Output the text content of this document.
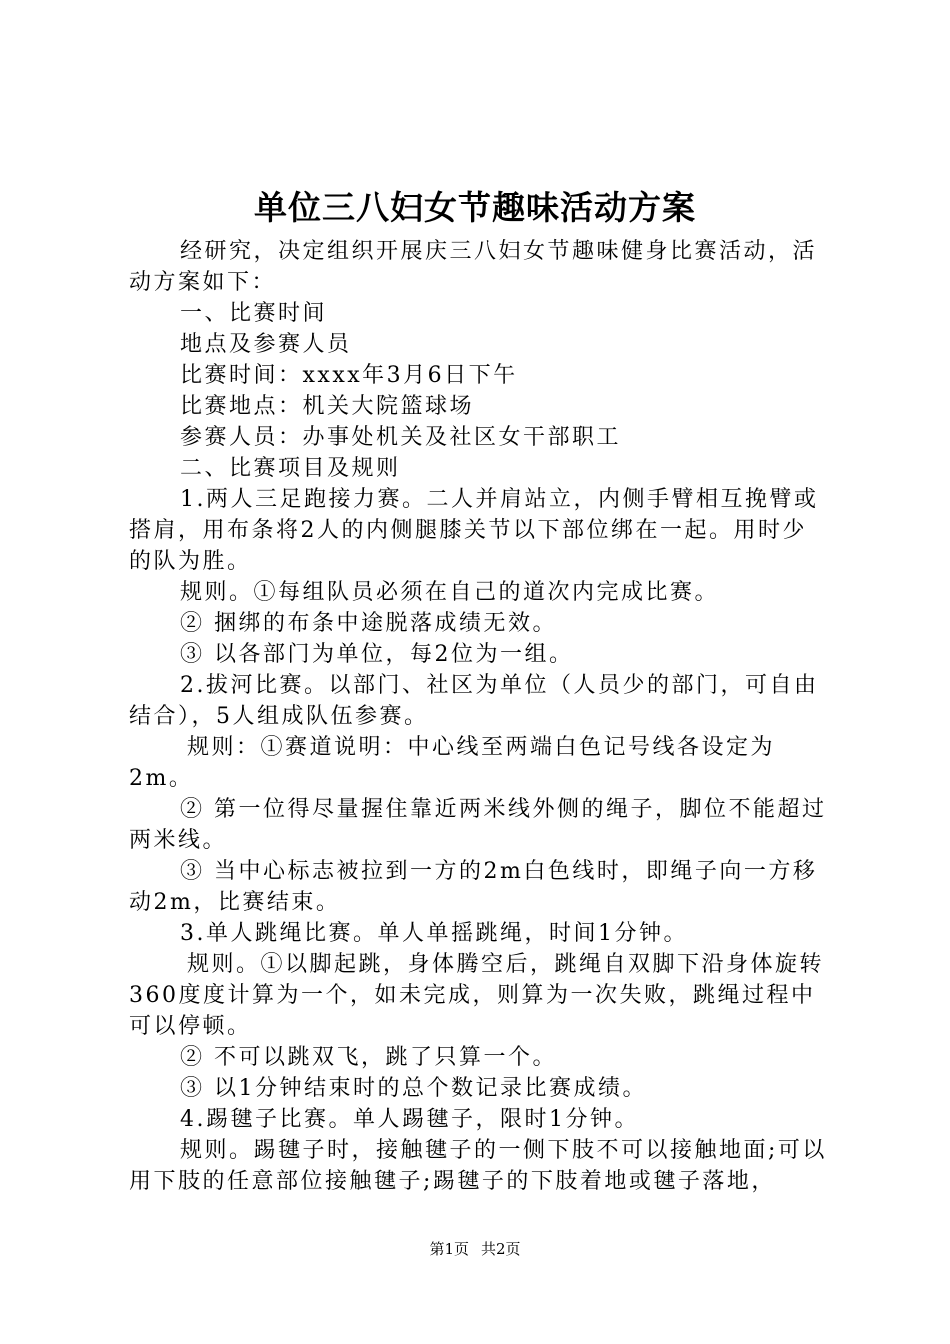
单位三八妇女节趣味活动方案

经研究，决定组织开展庆三八妇女节趣味健身比赛活动，活动方案如下：

一、比赛时间

地点及参赛人员

比赛时间：xxxx年3月6日下午

比赛地点：机关大院篮球场

参赛人员：办事处机关及社区女干部职工

二、比赛项目及规则

1.两人三足跑接力赛。二人并肩站立，内侧手臂相互挽臂或搭肩，用布条将2人的内侧腿膝关节以下部位绑在一起。用时少的队为胜。

规则。①每组队员必须在自己的道次内完成比赛。

② 捆绑的布条中途脱落成绩无效。

③ 以各部门为单位，每2位为一组。

2.拔河比赛。以部门、社区为单位（人员少的部门，可自由结合），5人组成队伍参赛。

规则：①赛道说明：中心线至两端白色记号线各设定为2m。

② 第一位得尽量握住靠近两米线外侧的绳子，脚位不能超过两米线。

③ 当中心标志被拉到一方的2m白色线时，即绳子向一方移动2m，比赛结束。

3.单人跳绳比赛。单人单摇跳绳，时间1分钟。

规则。①以脚起跳，身体腾空后，跳绳自双脚下沿身体旋转360度度计算为一个，如未完成，则算为一次失败，跳绳过程中可以停顿。

② 不可以跳双飞，跳了只算一个。

③ 以1分钟结束时的总个数记录比赛成绩。

4.踢毽子比赛。单人踢毽子，限时1分钟。

规则。踢毽子时，接触毽子的一侧下肢不可以接触地面;可以用下肢的任意部位接触毽子;踢毽子的下肢着地或毽子落地，

第1页 共2页
